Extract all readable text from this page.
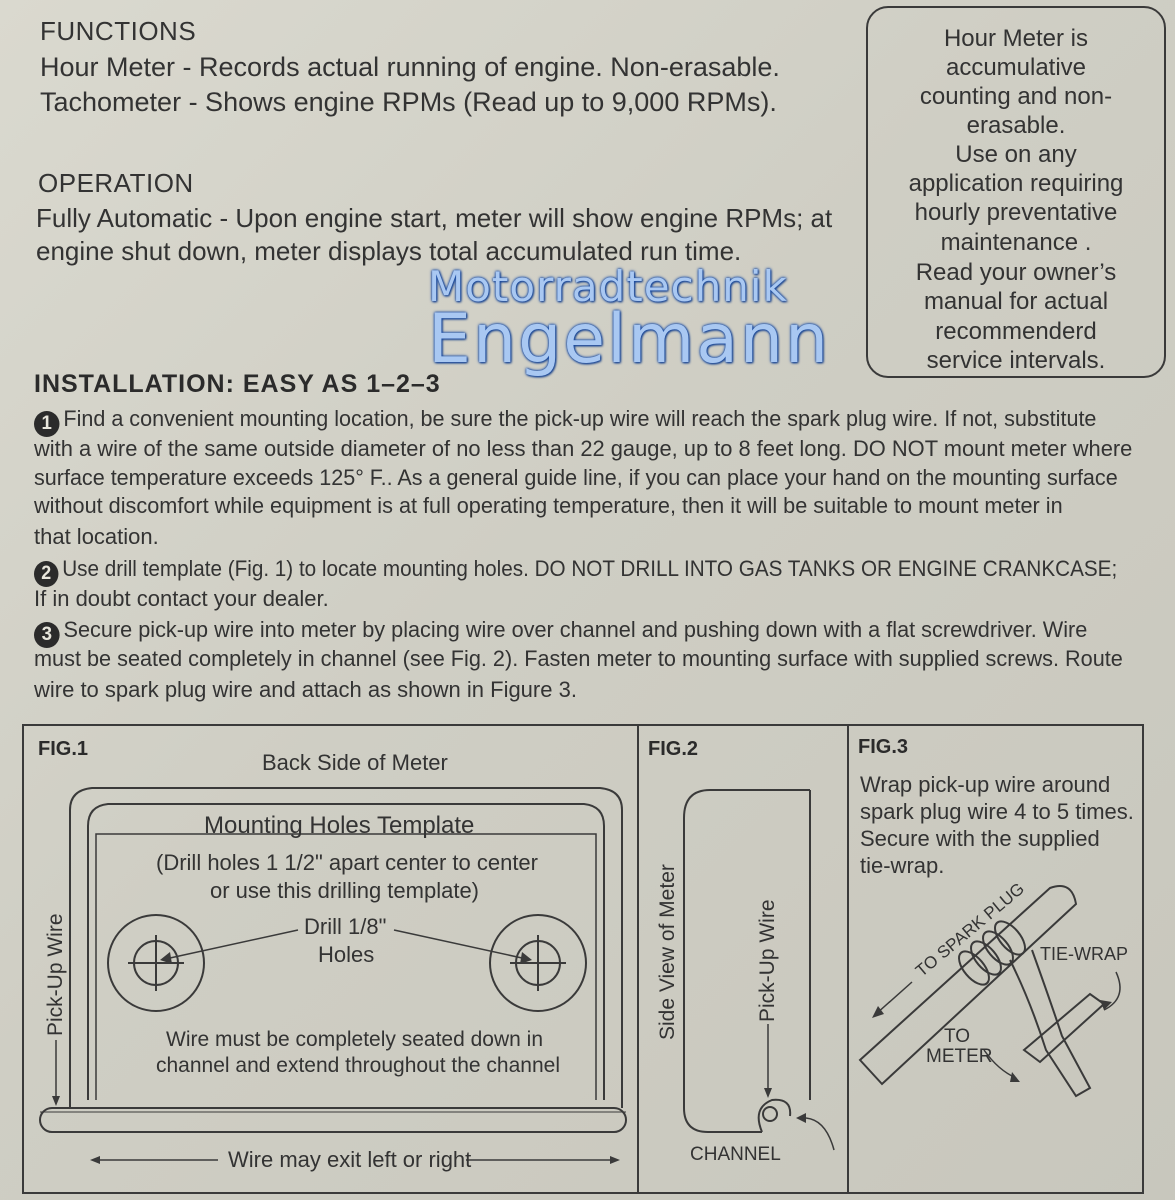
FUNCTIONS
Hour Meter - Records actual running of engine. Non-erasable.
Tachometer - Shows engine RPMs (Read up to 9,000 RPMs).
OPERATION
Fully Automatic - Upon engine start, meter will show engine RPMs; at
engine shut down, meter displays total accumulated run time.
Hour Meter is
accumulative
counting and non-
erasable.
Use on any
application requiring
hourly preventative
maintenance .
Read your owner’s
manual for actual
recommenderd
service intervals.
Motorradtechnik
Engelmann
INSTALLATION: EASY AS 1–2–3
1 Find a convenient mounting location, be sure the pick-up wire will reach the spark plug wire. If not, substitute
with a wire of the same outside diameter of no less than 22 gauge, up to 8 feet long. DO NOT mount meter where
surface temperature exceeds 125° F.. As a general guide line, if you can place your hand on the mounting surface
without discomfort while equipment is at full operating temperature, then it will be suitable to mount meter in
that location.
2 Use drill template (Fig. 1) to locate mounting holes. DO NOT DRILL INTO GAS TANKS OR ENGINE CRANKCASE;
If in doubt contact your dealer.
3 Secure pick-up wire into meter by placing wire over channel and pushing down with a flat screwdriver. Wire
must be seated completely in channel (see Fig. 2). Fasten meter to mounting surface with supplied screws. Route
wire to spark plug wire and attach as shown in Figure 3.
FIG.1
Back Side of Meter
Mounting Holes Template
(Drill holes 1 1/2" apart center to center
or use this drilling template)
Drill 1/8"
Holes
Wire must be completely seated down in
channel and extend throughout the channel
Pick-Up Wire
Wire may exit left or right
FIG.2
Side View of Meter	Pick-Up Wire
CHANNEL
FIG.3
Wrap pick-up wire around
spark plug wire 4 to 5 times.
Secure with the supplied
tie-wrap.
TO SPARK PLUG TIE-WRAP
TO
METER
